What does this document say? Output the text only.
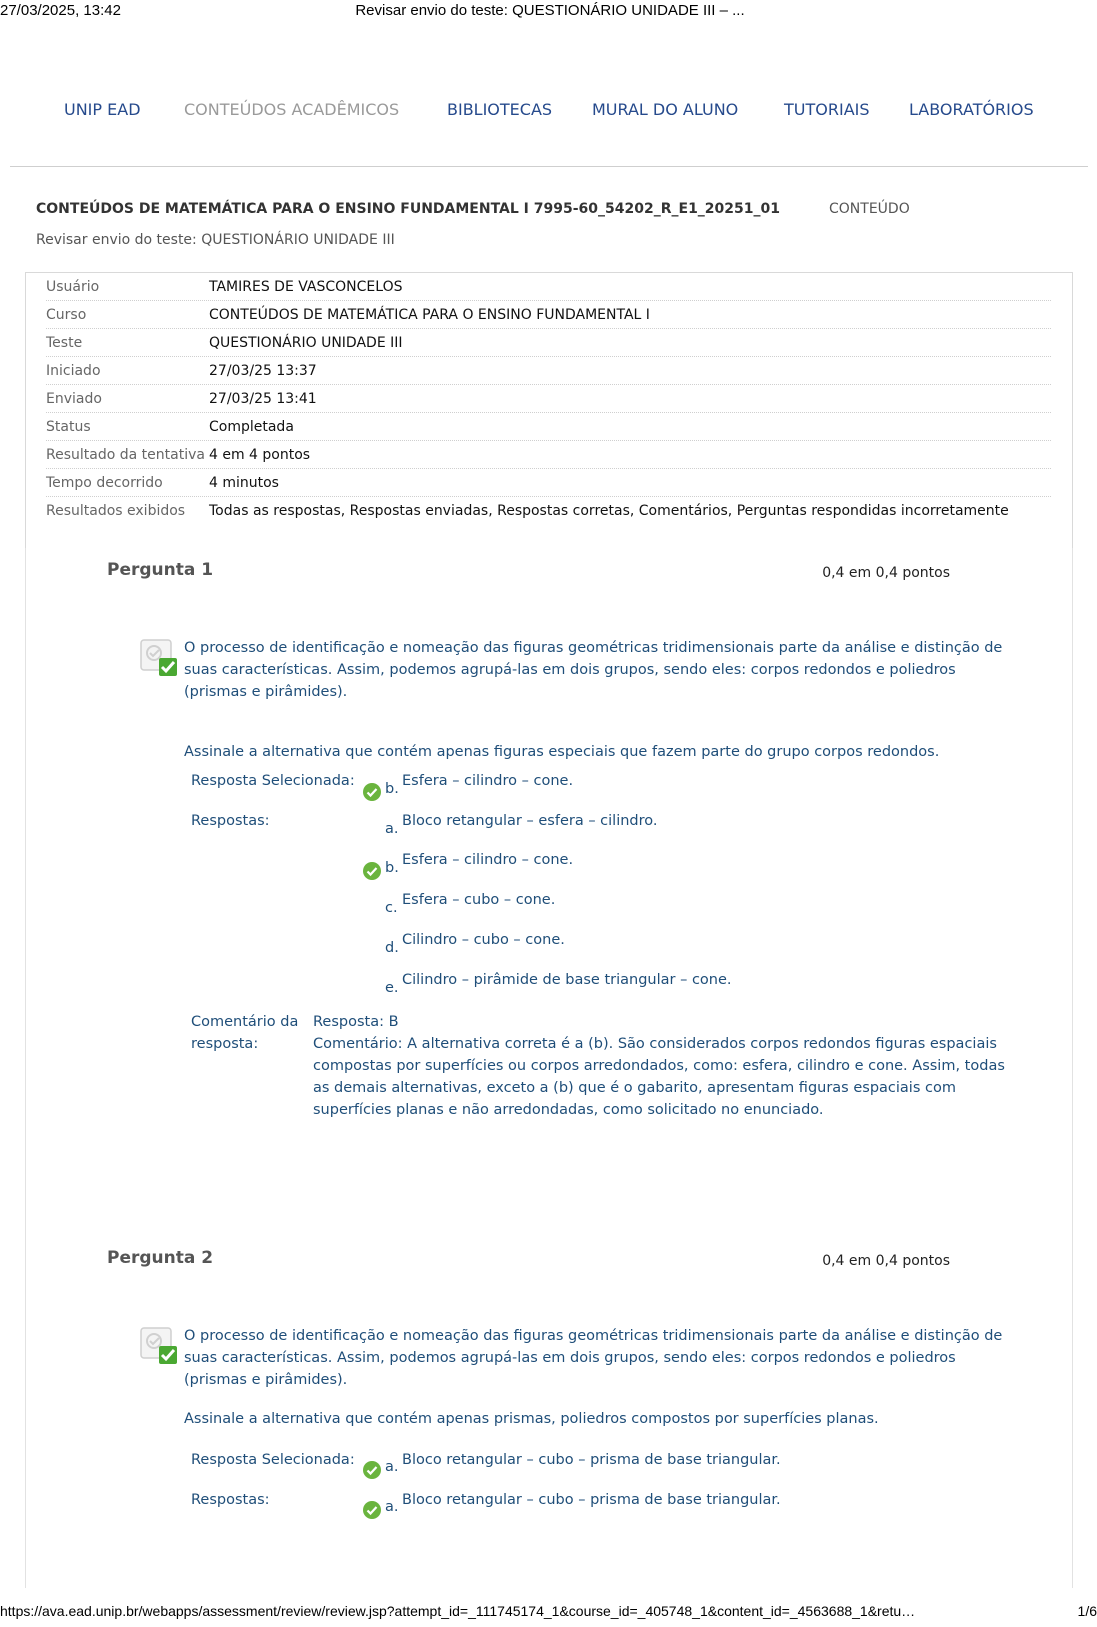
27/03/2025, 13:42	Revisar envio do teste: QUESTIONÁRIO UNIDADE III – ...
UNIP EAD	CONTEÚDOS ACADÊMICOS	BIBLIOTECAS MURAL DO ALUNO	TUTORIAIS LABORATÓRIOS
CONTEÚDOS DE MATEMÁTICA PARA O ENSINO FUNDAMENTAL I 7995-60_54202_R_E1_20251_01	CONTEÚDO
Revisar envio do teste: QUESTIONÁRIO UNIDADE III
Usuário	TAMIRES DE VASCONCELOS
Curso	CONTEÚDOS DE MATEMÁTICA PARA O ENSINO FUNDAMENTAL I
Teste	QUESTIONÁRIO UNIDADE III
Iniciado	27/03/25 13:37
Enviado	27/03/25 13:41
Status	Completada
Resultado da tentativa 4 em 4 pontos
Tempo decorrido	4 minutos
Resultados exibidos Todas as respostas, Respostas enviadas, Respostas corretas, Comentários, Perguntas respondidas incorretamente
Pergunta 1	0,4 em 0,4 pontos
O processo de identificação e nomeação das figuras geométricas tridimensionais parte da análise e distinção de suas características. Assim, podemos agrupá-las em dois grupos, sendo eles: corpos redondos e poliedros (prismas e pirâmides).
Assinale a alternativa que contém apenas figuras especiais que fazem parte do grupo corpos redondos.
Resposta Selecionada: b. Esfera – cilindro – cone.
Respostas:	a. Bloco retangular – esfera – cilindro.
b. Esfera – cilindro – cone.
c. Esfera – cubo – cone.
d. Cilindro – cubo – cone.
e. Cilindro – pirâmide de base triangular – cone.
Comentário da resposta:
Resposta: B
Comentário: A alternativa correta é a (b). São considerados corpos redondos figuras espaciais compostas por superfícies ou corpos arredondados, como: esfera, cilindro e cone. Assim, todas as demais alternativas, exceto a (b) que é o gabarito, apresentam figuras espaciais com superfícies planas e não arredondadas, como solicitado no enunciado.
Pergunta 2	0,4 em 0,4 pontos
O processo de identificação e nomeação das figuras geométricas tridimensionais parte da análise e distinção de suas características. Assim, podemos agrupá-las em dois grupos, sendo eles: corpos redondos e poliedros (prismas e pirâmides).
Assinale a alternativa que contém apenas prismas, poliedros compostos por superfícies planas.
Resposta Selecionada: a. Bloco retangular – cubo – prisma de base triangular.
Respostas:	a. Bloco retangular – cubo – prisma de base triangular.
https://ava.ead.unip.br/webapps/assessment/review/review.jsp?attempt_id=_111745174_1&course_id=_405748_1&content_id=_4563688_1&retu…	1/6
